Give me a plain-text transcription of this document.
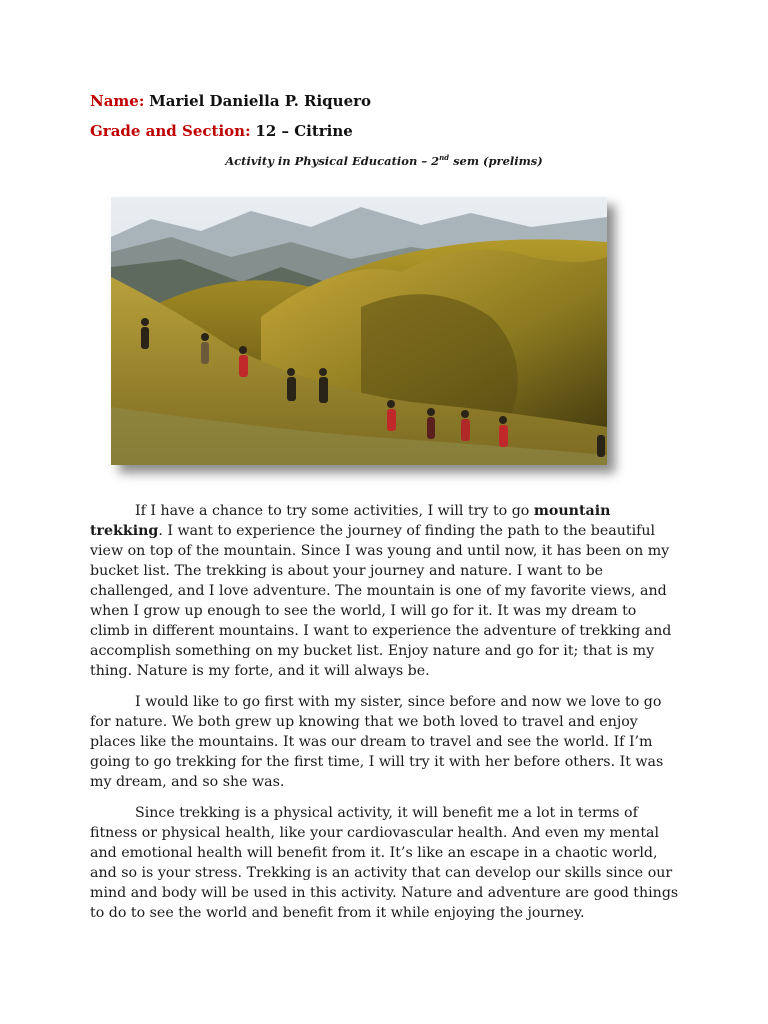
Name: Mariel Daniella P. Riquero
Grade and Section: 12 – Citrine
Activity in Physical Education – 2nd sem (prelims)

If I have a chance to try some activities, I will try to go mountain trekking. I want to experience the journey of finding the path to the beautiful view on top of the mountain. Since I was young and until now, it has been on my bucket list. The trekking is about your journey and nature. I want to be challenged, and I love adventure. The mountain is one of my favorite views, and when I grow up enough to see the world, I will go for it. It was my dream to climb in different mountains. I want to experience the adventure of trekking and accomplish something on my bucket list. Enjoy nature and go for it; that is my thing. Nature is my forte, and it will always be.

I would like to go first with my sister, since before and now we love to go for nature. We both grew up knowing that we both loved to travel and enjoy places like the mountains. It was our dream to travel and see the world. If I’m going to go trekking for the first time, I will try it with her before others. It was my dream, and so she was.

Since trekking is a physical activity, it will benefit me a lot in terms of fitness or physical health, like your cardiovascular health. And even my mental and emotional health will benefit from it. It’s like an escape in a chaotic world, and so is your stress. Trekking is an activity that can develop our skills since our mind and body will be used in this activity. Nature and adventure are good things to do to see the world and benefit from it while enjoying the journey.
